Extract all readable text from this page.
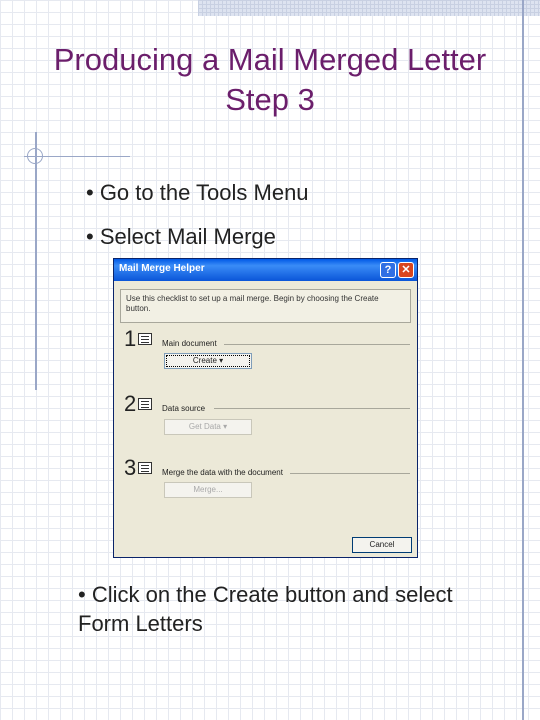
Producing a Mail Merged Letter
Step 3
• Go to the Tools Menu
• Select Mail Merge
Mail Merge Helper	? ✕
Use this checklist to set up a mail merge. Begin by choosing the Create button.
1	Main document
Create ▾
2	Data source
Get Data ▾
3	Merge the data with the document
Merge...
Cancel
• Click on the Create button and select Form Letters
